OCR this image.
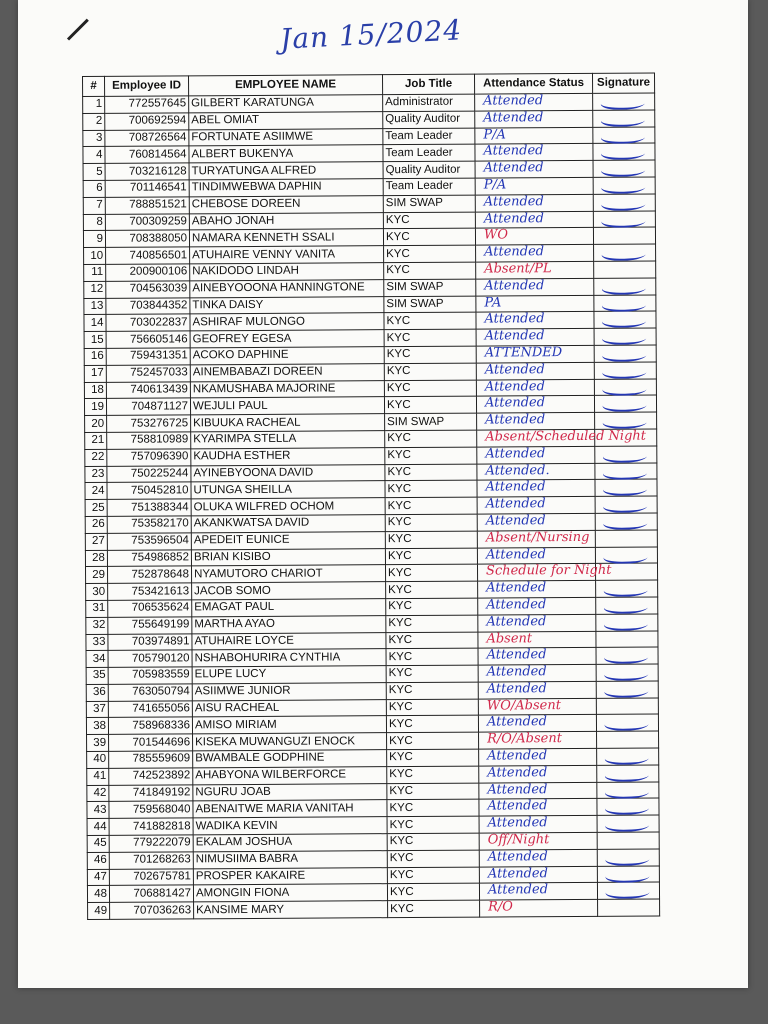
Jan 15/2024
#	Employee ID	EMPLOYEE NAME	Job Title	Attendance Status	Signature
1	772557645	GILBERT KARATUNGA	Administrator	Attended	

2	700692594	ABEL OMIAT	Quality Auditor	Attended	

3	708726564	FORTUNATE ASIIMWE	Team Leader	P/A	

4	760814564	ALBERT BUKENYA	Team Leader	Attended	

5	703216128	TURYATUNGA ALFRED	Quality Auditor	Attended	

6	701146541	TINDIMWEBWA DAPHIN	Team Leader	P/A	

7	788851521	CHEBOSE DOREEN	SIM SWAP	Attended	

8	700309259	ABAHO JONAH	KYC	Attended	

9	708388050	NAMARA KENNETH SSALI	KYC	WO	

10	740856501	ATUHAIRE VENNY VANITA	KYC	Attended	

11	200900106	NAKIDODO LINDAH	KYC	Absent/PL	

12	704563039	AINEBYOOONA HANNINGTONE	SIM SWAP	Attended	

13	703844352	TINKA DAISY	SIM SWAP	PA	

14	703022837	ASHIRAF MULONGO	KYC	Attended	

15	756605146	GEOFREY EGESA	KYC	Attended	

16	759431351	ACOKO DAPHINE	KYC	ATTENDED	

17	752457033	AINEMBABAZI DOREEN	KYC	Attended	

18	740613439	NKAMUSHABA MAJORINE	KYC	Attended	

19	704871127	WEJULI PAUL	KYC	Attended	

20	753276725	KIBUUKA RACHEAL	SIM SWAP	Attended	

21	758810989	KYARIMPA STELLA	KYC	Absent/Scheduled Night	

22	757096390	KAUDHA ESTHER	KYC	Attended	

23	750225244	AYINEBYOONA DAVID	KYC	Attended.	

24	750452810	UTUNGA SHEILLA	KYC	Attended	

25	751388344	OLUKA WILFRED OCHOM	KYC	Attended	

26	753582170	AKANKWATSA DAVID	KYC	Attended	

27	753596504	APEDEIT EUNICE	KYC	Absent/Nursing	

28	754986852	BRIAN KISIBO	KYC	Attended	

29	752878648	NYAMUTORO CHARIOT	KYC	Schedule for Night	

30	753421613	JACOB SOMO	KYC	Attended	

31	706535624	EMAGAT PAUL	KYC	Attended	

32	755649199	MARTHA AYAO	KYC	Attended	

33	703974891	ATUHAIRE LOYCE	KYC	Absent	

34	705790120	NSHABOHURIRA CYNTHIA	KYC	Attended	

35	705983559	ELUPE LUCY	KYC	Attended	

36	763050794	ASIIMWE JUNIOR	KYC	Attended	

37	741655056	AISU RACHEAL	KYC	WO/Absent	

38	758968336	AMISO MIRIAM	KYC	Attended	

39	701544696	KISEKA MUWANGUZI ENOCK	KYC	R/O/Absent	

40	785559609	BWAMBALE GODPHINE	KYC	Attended	

41	742523892	AHABYONA WILBERFORCE	KYC	Attended	

42	741849192	NGURU JOAB	KYC	Attended	

43	759568040	ABENAITWE MARIA VANITAH	KYC	Attended	

44	741882818	WADIKA KEVIN	KYC	Attended	

45	779222079	EKALAM JOSHUA	KYC	Off/Night	

46	701268263	NIMUSIIMA BABRA	KYC	Attended	

47	702675781	PROSPER KAKAIRE	KYC	Attended	

48	706881427	AMONGIN FIONA	KYC	Attended	

49	707036263	KANSIME MARY	KYC	R/O	
